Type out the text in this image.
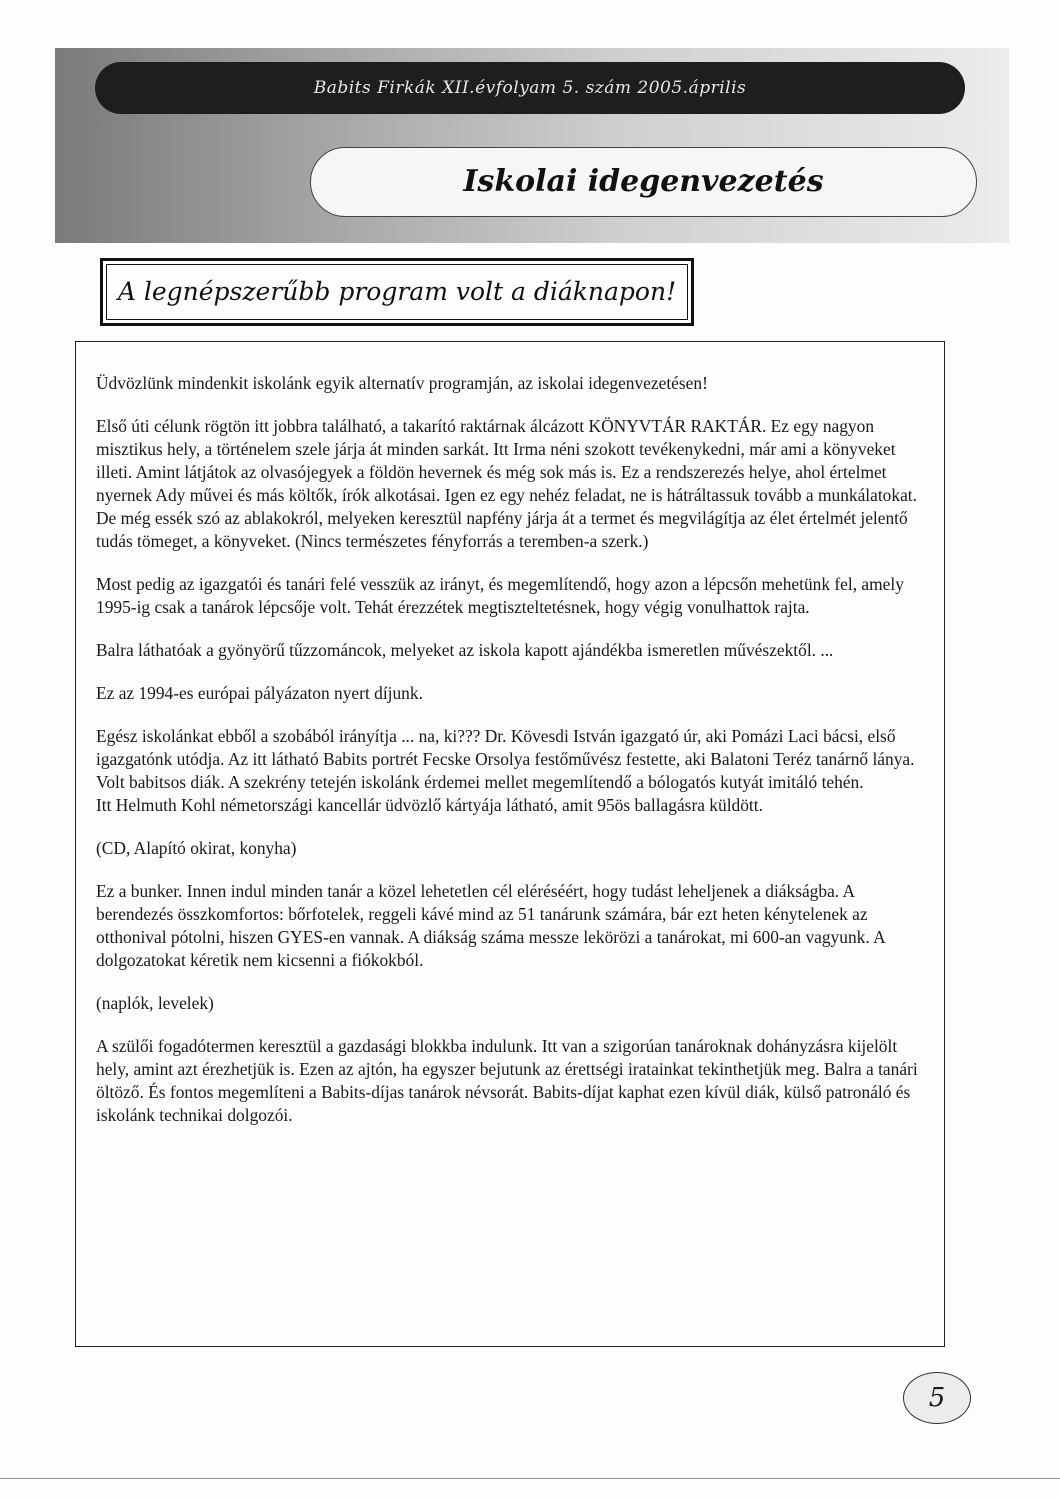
Babits Firkák XII.évfolyam 5. szám 2005.április
Iskolai idegenvezetés
A legnépszerűbb program volt a diáknapon!

Üdvözlünk mindenkit iskolánk egyik alternatív programján, az iskolai idegenvezetésen!

Első úti célunk rögtön itt jobbra található, a takarító raktárnak álcázott KÖNYVTÁR RAKTÁR. Ez egy nagyon misztikus hely, a történelem szele járja át minden sarkát. Itt Irma néni szokott tevékenykedni, már ami a könyveket illeti. Amint látjátok az olvasójegyek a földön hevernek és még sok más is. Ez a rendszerezés helye, ahol értelmet nyernek Ady művei és más költők, írók alkotásai. Igen ez egy nehéz feladat, ne is hátráltassuk tovább a munkálatokat. De még essék szó az ablakokról, melyeken keresztül napfény járja át a termet és megvilágítja az élet értelmét jelentő tudás tömeget, a könyveket. (Nincs természetes fényforrás a teremben-a szerk.)

Most pedig az igazgatói és tanári felé vesszük az irányt, és megemlítendő, hogy azon a lépcsőn mehetünk fel, amely 1995-ig csak a tanárok lépcsője volt. Tehát érezzétek megtiszteltetésnek, hogy végig vonulhattok rajta.

Balra láthatóak a gyönyörű tűzzománcok, melyeket az iskola kapott ajándékba ismeretlen művészektől. ...

Ez az 1994-es európai pályázaton nyert díjunk.

Egész iskolánkat ebből a szobából irányítja ... na, ki??? Dr. Kövesdi István igazgató úr, aki Pomázi Laci bácsi, első igazgatónk utódja. Az itt látható Babits portrét Fecske Orsolya festőművész festette, aki Balatoni Teréz tanárnő lánya. Volt babitsos diák. A szekrény tetején iskolánk érdemei mellet megemlítendő a bólogatós kutyát imitáló tehén.
Itt Helmuth Kohl németországi kancellár üdvözlő kártyája látható, amit 95ös ballagásra küldött.

(CD, Alapító okirat, konyha)

Ez a bunker. Innen indul minden tanár a közel lehetetlen cél eléréséért, hogy tudást leheljenek a diákságba. A berendezés összkomfortos: bőrfotelek, reggeli kávé mind az 51 tanárunk számára, bár ezt heten kénytelenek az otthonival pótolni, hiszen GYES-en vannak. A diákság száma messze lekörözi a tanárokat, mi 600-an vagyunk. A dolgozatokat kéretik nem kicsenni a fiókokból.

(naplók, levelek)

A szülői fogadótermen keresztül a gazdasági blokkba indulunk. Itt van a szigorúan tanároknak dohányzásra kijelölt hely, amint azt érezhetjük is. Ezen az ajtón, ha egyszer bejutunk az érettségi iratainkat tekinthetjük meg. Balra a tanári öltöző. És fontos megemlíteni a Babits-díjas tanárok névsorát. Babits-díjat kaphat ezen kívül diák, külső patronáló és iskolánk technikai dolgozói.

5
